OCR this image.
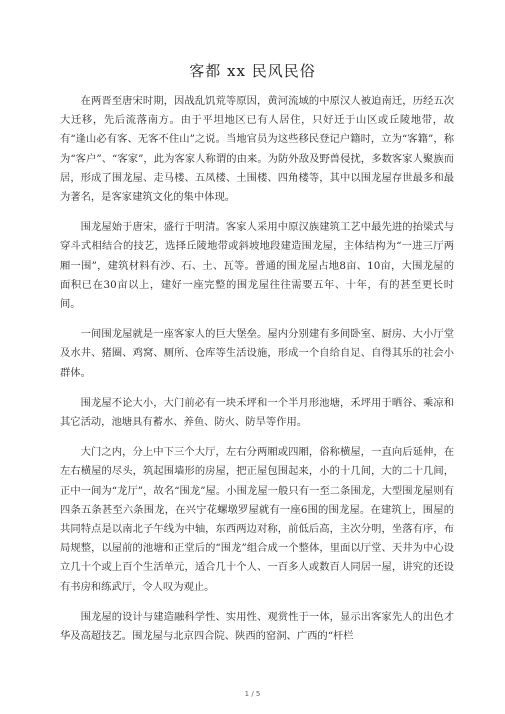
客都 xx 民风民俗

在两晋至唐宋时期，因战乱饥荒等原因，黄河流域的中原汉人被迫南迁，历经五次大迁移，先后流落南方。由于平坦地区已有人居住，只好迁于山区或丘陵地带，故有“逢山必有客、无客不住山”之说。当地官员为这些移民登记户籍时，立为“客籍”，称为“客户”、“客家”，此为客家人称谓的由来。为防外敌及野兽侵扰，多数客家人聚族而居，形成了围龙屋、走马楼、五凤楼、土围楼、四角楼等，其中以围龙屋存世最多和最为著名，是客家建筑文化的集中体现。

围龙屋始于唐宋，盛行于明清。客家人采用中原汉族建筑工艺中最先进的抬梁式与穿斗式相结合的技艺，选择丘陵地带或斜坡地段建造围龙屋，主体结构为“一进三厅两厢一围”，建筑材料有沙、石、土、瓦等。普通的围龙屋占地8亩、10亩，大围龙屋的面积已在30亩以上，建好一座完整的围龙屋往往需要五年、十年，有的甚至更长时间。

一间围龙屋就是一座客家人的巨大堡垒。屋内分别建有多间卧室、厨房、大小厅堂及水井、猪圈、鸡窝、厕所、仓库等生活设施，形成一个自给自足、自得其乐的社会小群体。

围龙屋不论大小，大门前必有一块禾坪和一个半月形池塘，禾坪用于晒谷、乘凉和其它活动，池塘具有蓄水、养鱼、防火、防旱等作用。

大门之内，分上中下三个大厅，左右分两厢或四厢，俗称横屋，一直向后延伸，在左右横屋的尽头，筑起围墙形的房屋，把正屋包围起来，小的十几间，大的二十几间，正中一间为“龙厅”，故名“围龙”屋。小围龙屋一般只有一至二条围龙，大型围龙屋则有四条五条甚至六条围龙，在兴宁花螺墩罗屋就有一座6围的围龙屋。在建筑上，围屋的共同特点是以南北子午线为中轴，东西两边对称，前低后高，主次分明，坐落有序，布局规整，以屋前的池塘和正堂后的“围龙”组合成一个整体，里面以厅堂、天井为中心设立几十个或上百个生活单元，适合几十个人、一百多人或数百人同居一屋，讲究的还设有书房和练武厅，令人叹为观止。

围龙屋的设计与建造融科学性、实用性、观赏性于一体，显示出客家先人的出色才华及高超技艺。围龙屋与北京四合院、陕西的窑洞、广西的“杆栏

1 / 5
